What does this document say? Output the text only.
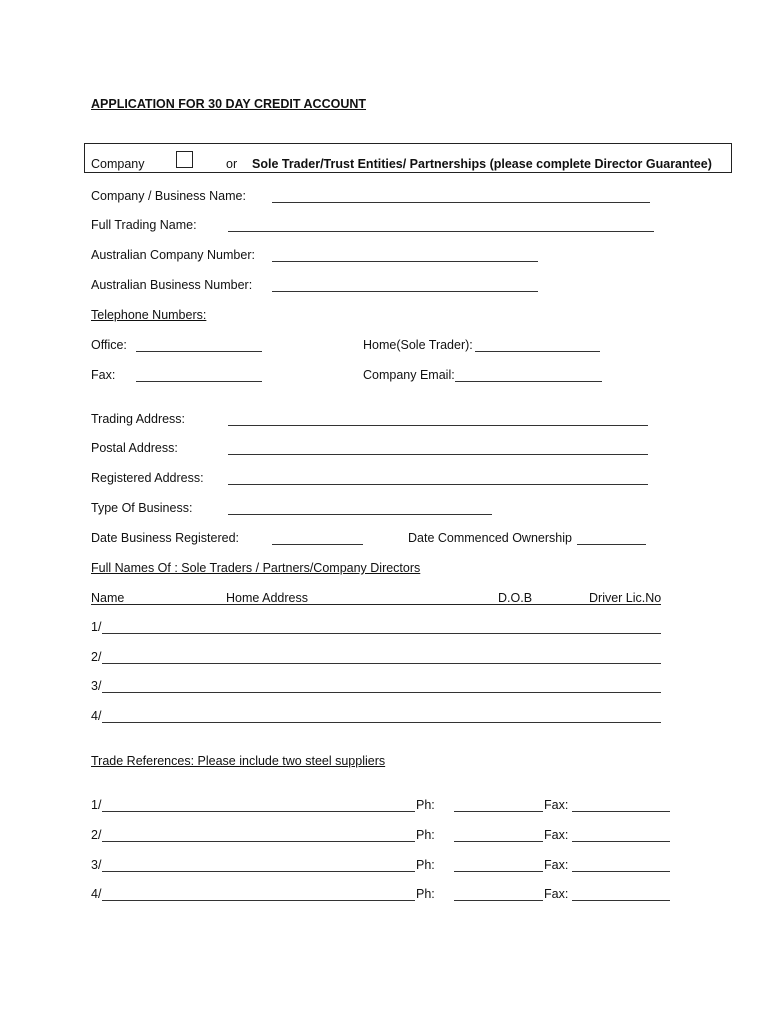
APPLICATION FOR 30 DAY CREDIT ACCOUNT
Company	or Sole Trader/Trust Entities/ Partnerships (please complete Director Guarantee)
Company / Business Name:
Full Trading Name:
Australian Company Number:
Australian Business Number:
Telephone Numbers:
Office:	Home(Sole Trader):
Fax:	Company Email:
Trading Address:
Postal Address:
Registered Address:
Type Of Business:
Date Business Registered:	Date Commenced Ownership
Full Names Of : Sole Traders / Partners/Company Directors
Name	Home Address	D.O.B	Driver Lic.No
1/
2/
3/
4/
Trade References: Please include two steel suppliers
1/	Ph:	Fax:
2/	Ph:	Fax:
3/	Ph:	Fax:
4/	Ph:	Fax:
